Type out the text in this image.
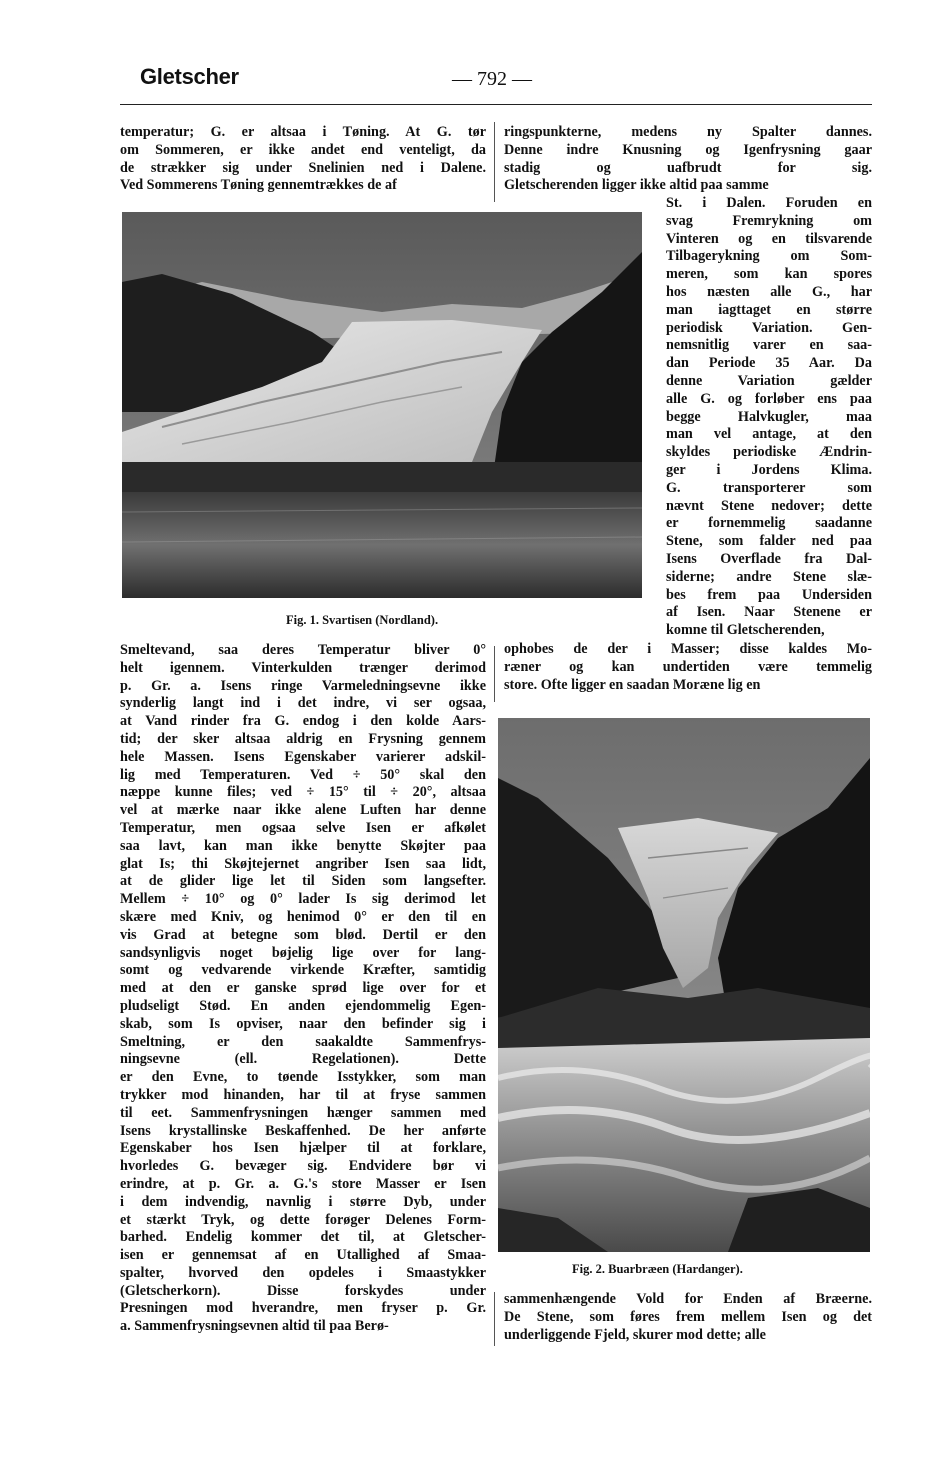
Gletscher	— 792 —
temperatur; G. er altsaa i Tøning. At G. tør
om Sommeren, er ikke andet end venteligt, da
de strækker sig under Snelinien ned i Dalene.
Ved Sommerens Tøning gennemtrækkes de af
ringspunkterne, medens ny Spalter dannes.
Denne indre Knusning og Igenfrysning gaar
stadig og uafbrudt for sig.
Gletscherenden ligger ikke altid paa samme
St. i Dalen. Foruden en
svag Fremrykning om
Vinteren og en tilsvarende
Tilbagerykning om Som-
meren, som kan spores
hos næsten alle G., har
man iagttaget en større
periodisk Variation. Gen-
nemsnitlig varer en saa-
dan Periode 35 Aar. Da
denne Variation gælder
alle G. og forløber ens paa
begge Halvkugler, maa
man vel antage, at den
skyldes periodiske Ændrin-
ger i Jordens Klima.
G. transporterer som
nævnt Stene nedover; dette
er fornemmelig saadanne
Stene, som falder ned paa
Isens Overflade fra Dal-
siderne; andre Stene slæ-
bes frem paa Undersiden
af Isen. Naar Stenene er
komne til Gletscherenden,
ophobes de der i Masser; disse kaldes Mo-
ræner og kan undertiden være temmelig
store. Ofte ligger en saadan Moræne lig en
Smeltevand, saa deres Temperatur bliver 0°
helt igennem. Vinterkulden trænger derimod
p. Gr. a. Isens ringe Varmeledningsevne ikke
synderlig langt ind i det indre, vi ser ogsaa,
at Vand rinder fra G. endog i den kolde Aars-
tid; der sker altsaa aldrig en Frysning gennem
hele Massen. Isens Egenskaber varierer adskil-
lig med Temperaturen. Ved ÷ 50° skal den
næppe kunne files; ved ÷ 15° til ÷ 20°, altsaa
vel at mærke naar ikke alene Luften har denne
Temperatur, men ogsaa selve Isen er afkølet
saa lavt, kan man ikke benytte Skøjter paa
glat Is; thi Skøjtejernet angriber Isen saa lidt,
at de glider lige let til Siden som langsefter.
Mellem ÷ 10° og 0° lader Is sig derimod let
skære med Kniv, og henimod 0° er den til en
vis Grad at betegne som blød. Dertil er den
sandsynligvis noget bøjelig lige over for lang-
somt og vedvarende virkende Kræfter, samtidig
med at den er ganske sprød lige over for et
pludseligt Stød. En anden ejendommelig Egen-
skab, som Is opviser, naar den befinder sig i
Smeltning, er den saakaldte Sammenfrys-
ningsevne (ell. Regelationen). Dette
er den Evne, to tøende Isstykker, som man
trykker mod hinanden, har til at fryse sammen
til eet. Sammenfrysningen hænger sammen med
Isens krystallinske Beskaffenhed. De her anførte
Egenskaber hos Isen hjælper til at forklare,
hvorledes G. bevæger sig. Endvidere bør vi
erindre, at p. Gr. a. G.'s store Masser er Isen
i dem indvendig, navnlig i større Dyb, under
et stærkt Tryk, og dette forøger Delenes Form-
barhed. Endelig kommer det til, at Gletscher-
isen er gennemsat af en Utallighed af Smaa-
spalter, hvorved den opdeles i Smaastykker
(Gletscherkorn). Disse forskydes under
Presningen mod hverandre, men fryser p. Gr.
a. Sammenfrysningsevnen altid til paa Berø-
sammenhængende Vold for Enden af Bræerne.
De Stene, som føres frem mellem Isen og det
underliggende Fjeld, skurer mod dette; alle
Fig. 1. Svartisen (Nordland).
Fig. 2. Buarbræen (Hardanger).
